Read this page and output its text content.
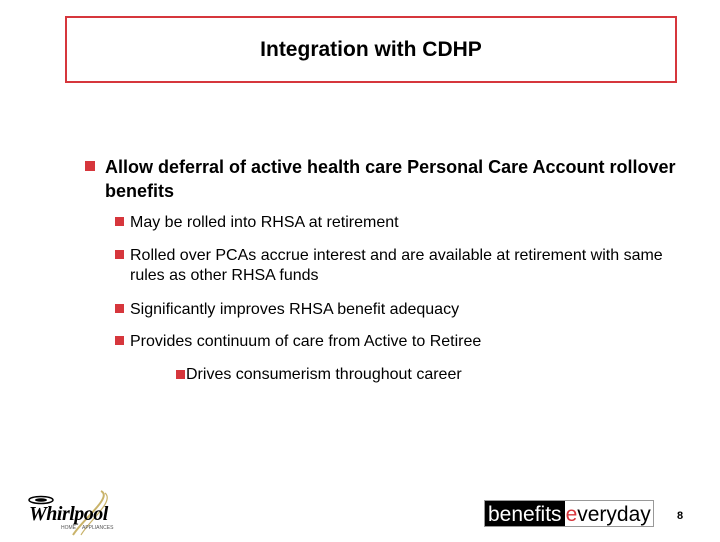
Integration with CDHP
Allow deferral of active health care Personal Care Account rollover benefits
May be rolled into RHSA at retirement
Rolled over PCAs accrue interest and are available at retirement with same rules as other RHSA funds
Significantly improves RHSA benefit adequacy
Provides continuum of care from Active to Retiree
Drives consumerism throughout career
Whirlpool
HOME APPLIANCES
benefits e veryday 8
